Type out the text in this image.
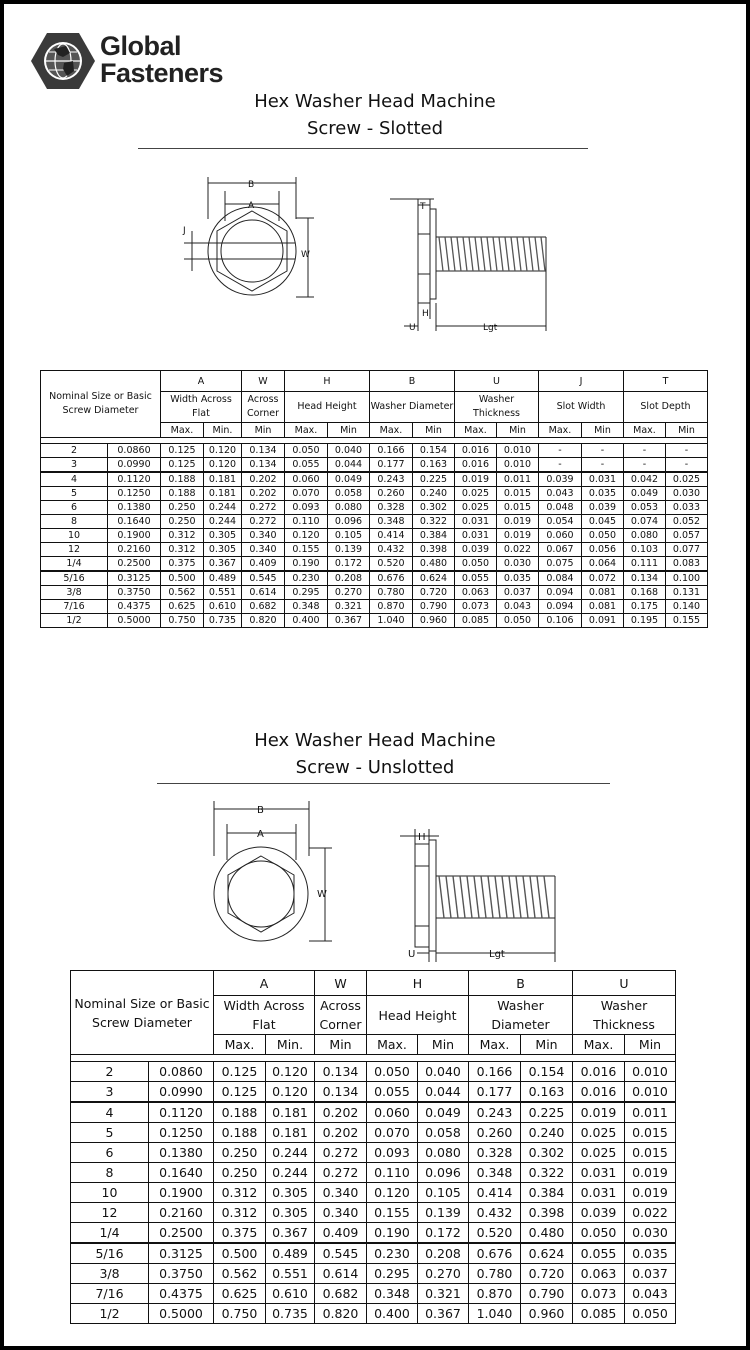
Global
Fasteners
Hex Washer Head Machine
Screw - Slotted
B
A
J
W
T
H
U	Lgt
Nominal Size or Basic Screw Diameter		A		W	H		B		U		J		T	
		Width Across Flat		Across Corner	Head Height		Washer Diameter		Washer Thickness		Slot Width		Slot Depth	
		Max.	Min.	Min	Max.	Min	Max.	Min	Max.	Min	Max.	Min	Max.	Min

2	0.0860	0.125	0.120	0.134	0.050	0.040	0.166	0.154	0.016	0.010	-	-	-	-
3	0.0990	0.125	0.120	0.134	0.055	0.044	0.177	0.163	0.016	0.010	-	-	-	-
4	0.1120	0.188	0.181	0.202	0.060	0.049	0.243	0.225	0.019	0.011	0.039	0.031	0.042	0.025
5	0.1250	0.188	0.181	0.202	0.070	0.058	0.260	0.240	0.025	0.015	0.043	0.035	0.049	0.030
6	0.1380	0.250	0.244	0.272	0.093	0.080	0.328	0.302	0.025	0.015	0.048	0.039	0.053	0.033
8	0.1640	0.250	0.244	0.272	0.110	0.096	0.348	0.322	0.031	0.019	0.054	0.045	0.074	0.052
10	0.1900	0.312	0.305	0.340	0.120	0.105	0.414	0.384	0.031	0.019	0.060	0.050	0.080	0.057
12	0.2160	0.312	0.305	0.340	0.155	0.139	0.432	0.398	0.039	0.022	0.067	0.056	0.103	0.077
1/4	0.2500	0.375	0.367	0.409	0.190	0.172	0.520	0.480	0.050	0.030	0.075	0.064	0.111	0.083
5/16	0.3125	0.500	0.489	0.545	0.230	0.208	0.676	0.624	0.055	0.035	0.084	0.072	0.134	0.100
3/8	0.3750	0.562	0.551	0.614	0.295	0.270	0.780	0.720	0.063	0.037	0.094	0.081	0.168	0.131
7/16	0.4375	0.625	0.610	0.682	0.348	0.321	0.870	0.790	0.073	0.043	0.094	0.081	0.175	0.140
1/2	0.5000	0.750	0.735	0.820	0.400	0.367	1.040	0.960	0.085	0.050	0.106	0.091	0.195	0.155
Hex Washer Head Machine
Screw - Unslotted
B
A
W
H
U	Lgt
Nominal Size or Basic Screw Diameter		A		W	H		B		U	
		Width Across Flat		Across Corner	Head Height		Washer Diameter		Washer Thickness	
		Max.	Min.	Min	Max.	Min	Max.	Min	Max.	Min

2	0.0860	0.125	0.120	0.134	0.050	0.040	0.166	0.154	0.016	0.010
3	0.0990	0.125	0.120	0.134	0.055	0.044	0.177	0.163	0.016	0.010
4	0.1120	0.188	0.181	0.202	0.060	0.049	0.243	0.225	0.019	0.011
5	0.1250	0.188	0.181	0.202	0.070	0.058	0.260	0.240	0.025	0.015
6	0.1380	0.250	0.244	0.272	0.093	0.080	0.328	0.302	0.025	0.015
8	0.1640	0.250	0.244	0.272	0.110	0.096	0.348	0.322	0.031	0.019
10	0.1900	0.312	0.305	0.340	0.120	0.105	0.414	0.384	0.031	0.019
12	0.2160	0.312	0.305	0.340	0.155	0.139	0.432	0.398	0.039	0.022
1/4	0.2500	0.375	0.367	0.409	0.190	0.172	0.520	0.480	0.050	0.030
5/16	0.3125	0.500	0.489	0.545	0.230	0.208	0.676	0.624	0.055	0.035
3/8	0.3750	0.562	0.551	0.614	0.295	0.270	0.780	0.720	0.063	0.037
7/16	0.4375	0.625	0.610	0.682	0.348	0.321	0.870	0.790	0.073	0.043
1/2	0.5000	0.750	0.735	0.820	0.400	0.367	1.040	0.960	0.085	0.050
